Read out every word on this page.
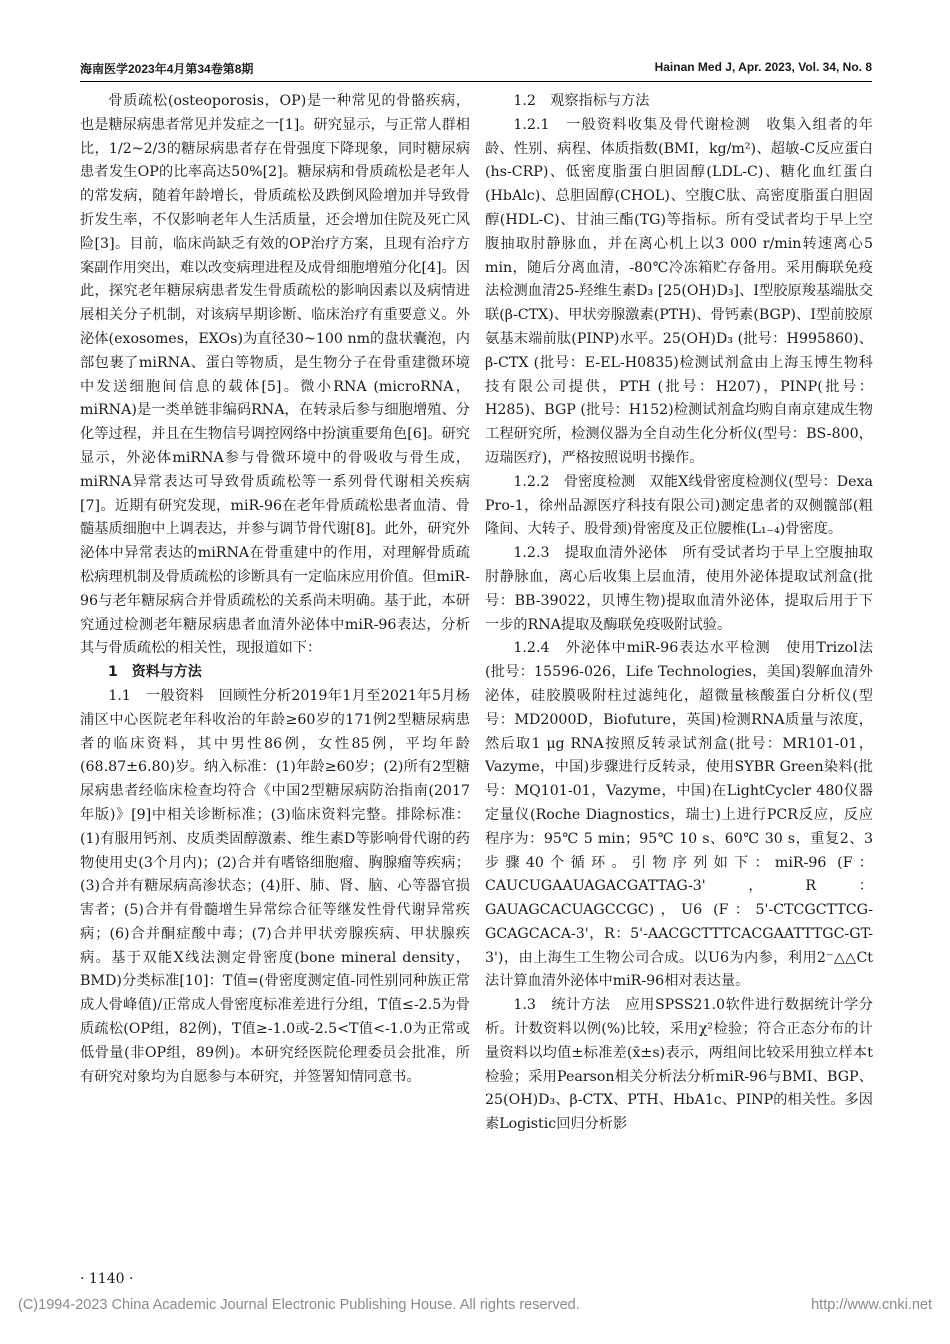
海南医学2023年4月第34卷第8期	Hainan Med J, Apr. 2023, Vol. 34, No. 8

骨质疏松(osteoporosis，OP)是一种常见的骨骼疾病，也是糖尿病患者常见并发症之一[1]。研究显示，与正常人群相比，1/2~2/3的糖尿病患者存在骨强度下降现象，同时糖尿病患者发生OP的比率高达50%[2]。糖尿病和骨质疏松是老年人的常发病，随着年龄增长，骨质疏松及跌倒风险增加并导致骨折发生率，不仅影响老年人生活质量，还会增加住院及死亡风险[3]。目前，临床尚缺乏有效的OP治疗方案，且现有治疗方案副作用突出，难以改变病理进程及成骨细胞增殖分化[4]。因此，探究老年糖尿病患者发生骨质疏松的影响因素以及病情进展相关分子机制，对该病早期诊断、临床治疗有重要意义。外泌体(exosomes，EXOs)为直径30~100 nm的盘状囊泡，内部包裹了miRNA、蛋白等物质，是生物分子在骨重建微环境中发送细胞间信息的载体[5]。微小RNA (microRNA，miRNA)是一类单链非编码RNA，在转录后参与细胞增殖、分化等过程，并且在生物信号调控网络中扮演重要角色[6]。研究显示，外泌体miRNA参与骨微环境中的骨吸收与骨生成，miRNA异常表达可导致骨质疏松等一系列骨代谢相关疾病[7]。近期有研究发现，miR-96在老年骨质疏松患者血清、骨髓基质细胞中上调表达，并参与调节骨代谢[8]。此外，研究外泌体中异常表达的miRNA在骨重建中的作用，对理解骨质疏松病理机制及骨质疏松的诊断具有一定临床应用价值。但miR-96与老年糖尿病合并骨质疏松的关系尚未明确。基于此，本研究通过检测老年糖尿病患者血清外泌体中miR-96表达，分析其与骨质疏松的相关性，现报道如下：

1　资料与方法

1.1　一般资料　回顾性分析2019年1月至2021年5月杨浦区中心医院老年科收治的年龄≥60岁的171例2型糖尿病患者的临床资料，其中男性86例，女性85例，平均年龄(68.87±6.80)岁。纳入标准：(1)年龄≥60岁；(2)所有2型糖尿病患者经临床检查均符合《中国2型糖尿病防治指南(2017年版)》[9]中相关诊断标准；(3)临床资料完整。排除标准：(1)有服用钙剂、皮质类固醇激素、维生素D等影响骨代谢的药物使用史(3个月内)；(2)合并有嗜铬细胞瘤、胸腺瘤等疾病；(3)合并有糖尿病高渗状态；(4)肝、肺、肾、脑、心等器官损害者；(5)合并有骨髓增生异常综合征等继发性骨代谢异常疾病；(6)合并酮症酸中毒；(7)合并甲状旁腺疾病、甲状腺疾病。基于双能X线法测定骨密度(bone mineral density，BMD)分类标准[10]：T值=(骨密度测定值-同性别同种族正常成人骨峰值)/正常成人骨密度标准差进行分组，T值≤-2.5为骨质疏松(OP组，82例)，T值≥-1.0或-2.5<T值<-1.0为正常或低骨量(非OP组，89例)。本研究经医院伦理委员会批准，所有研究对象均为自愿参与本研究，并签署知情同意书。

1.2　观察指标与方法

1.2.1　一般资料收集及骨代谢检测　收集入组者的年龄、性别、病程、体质指数(BMI，kg/m²)、超敏-C反应蛋白(hs-CRP)、低密度脂蛋白胆固醇(LDL-C)、糖化血红蛋白(HbAlc)、总胆固醇(CHOL)、空腹C肽、高密度脂蛋白胆固醇(HDL-C)、甘油三酯(TG)等指标。所有受试者均于早上空腹抽取肘静脉血，并在离心机上以3 000 r/min转速离心5 min，随后分离血清，-80℃冷冻箱贮存备用。采用酶联免疫法检测血清25-羟维生素D₃ [25(OH)D₃]、I型胶原羧基端肽交联(β-CTX)、甲状旁腺激素(PTH)、骨钙素(BGP)、I型前胶原氨基末端前肽(PINP)水平。25(OH)D₃ (批号：H995860)、β-CTX (批号：E-EL-H0835)检测试剂盒由上海玉博生物科技有限公司提供，PTH (批号：H207)，PINP(批号：H285)、BGP (批号：H152)检测试剂盒均购自南京建成生物工程研究所，检测仪器为全自动生化分析仪(型号：BS-800，迈瑞医疗)，严格按照说明书操作。

1.2.2　骨密度检测　双能X线骨密度检测仪(型号：Dexa Pro-1，徐州品源医疗科技有限公司)测定患者的双侧髋部(粗隆间、大转子、股骨颈)骨密度及正位腰椎(L₁₋₄)骨密度。

1.2.3　提取血清外泌体　所有受试者均于早上空腹抽取肘静脉血，离心后收集上层血清，使用外泌体提取试剂盒(批号：BB-39022，贝博生物)提取血清外泌体，提取后用于下一步的RNA提取及酶联免疫吸附试验。

1.2.4　外泌体中miR-96表达水平检测　使用Trizol法(批号：15596-026，Life Technologies，美国)裂解血清外泌体，硅胶膜吸附柱过滤纯化，超微量核酸蛋白分析仪(型号：MD2000D，Biofuture，英国)检测RNA质量与浓度，然后取1 μg RNA按照反转录试剂盒(批号：MR101-01，Vazyme，中国)步骤进行反转录，使用SYBR Green染料(批号：MQ101-01，Vazyme，中国)在LightCycler 480仪器定量仪(Roche Diagnostics，瑞士)上进行PCR反应，反应程序为：95℃ 5 min；95℃ 10 s、60℃ 30 s，重复2、3步骤40个循环。引物序列如下：miR-96 (F：CAUCUGAAUAGACGATTAG-3'，R：GAUAGCACUAGCCGC)，U6 (F：5'-CTCGCTTCG-GCAGCACA-3'，R：5'-AACGCTTTCACGAATTTGC-GT-3')，由上海生工生物公司合成。以U6为内参，利用2⁻△△Ct法计算血清外泌体中miR-96相对表达量。

1.3　统计方法　应用SPSS21.0软件进行数据统计学分析。计数资料以例(%)比较，采用χ²检验；符合正态分布的计量资料以均值±标准差(x̄±s)表示，两组间比较采用独立样本t检验；采用Pearson相关分析法分析miR-96与BMI、BGP、25(OH)D₃、β-CTX、PTH、HbA1c、PINP的相关性。多因素Logistic回归分析影

· 1140 ·
(C)1994-2023 China Academic Journal Electronic Publishing House. All rights reserved.	http://www.cnki.net
